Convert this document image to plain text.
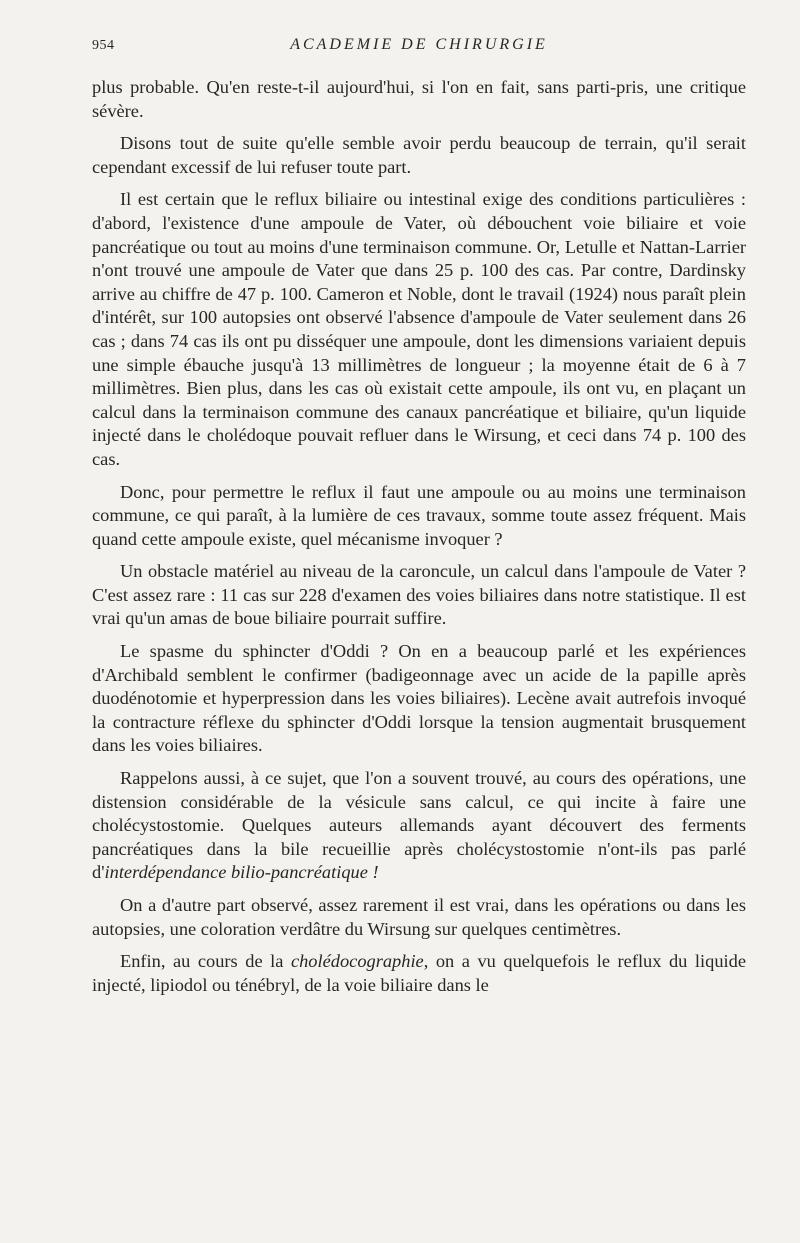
954	ACADEMIE DE CHIRURGIE

plus probable. Qu'en reste-t-il aujourd'hui, si l'on en fait, sans parti-pris, une critique sévère.

Disons tout de suite qu'elle semble avoir perdu beaucoup de terrain, qu'il serait cependant excessif de lui refuser toute part.

Il est certain que le reflux biliaire ou intestinal exige des conditions particulières : d'abord, l'existence d'une ampoule de Vater, où débouchent voie biliaire et voie pancréatique ou tout au moins d'une terminaison commune. Or, Letulle et Nattan-Larrier n'ont trouvé une ampoule de Vater que dans 25 p. 100 des cas. Par contre, Dardinsky arrive au chiffre de 47 p. 100. Cameron et Noble, dont le travail (1924) nous paraît plein d'intérêt, sur 100 autopsies ont observé l'absence d'ampoule de Vater seulement dans 26 cas ; dans 74 cas ils ont pu disséquer une ampoule, dont les dimensions variaient depuis une simple ébauche jusqu'à 13 millimètres de longueur ; la moyenne était de 6 à 7 millimètres. Bien plus, dans les cas où existait cette ampoule, ils ont vu, en plaçant un calcul dans la terminaison commune des canaux pancréatique et biliaire, qu'un liquide injecté dans le cholédoque pouvait refluer dans le Wirsung, et ceci dans 74 p. 100 des cas.

Donc, pour permettre le reflux il faut une ampoule ou au moins une terminaison commune, ce qui paraît, à la lumière de ces travaux, somme toute assez fréquent. Mais quand cette ampoule existe, quel mécanisme invoquer ?

Un obstacle matériel au niveau de la caroncule, un calcul dans l'ampoule de Vater ? C'est assez rare : 11 cas sur 228 d'examen des voies biliaires dans notre statistique. Il est vrai qu'un amas de boue biliaire pourrait suffire.

Le spasme du sphincter d'Oddi ? On en a beaucoup parlé et les expériences d'Archibald semblent le confirmer (badigeonnage avec un acide de la papille après duodénotomie et hyperpression dans les voies biliaires). Lecène avait autrefois invoqué la contracture réflexe du sphincter d'Oddi lorsque la tension augmentait brusquement dans les voies biliaires.

Rappelons aussi, à ce sujet, que l'on a souvent trouvé, au cours des opérations, une distension considérable de la vésicule sans calcul, ce qui incite à faire une cholécystostomie. Quelques auteurs allemands ayant découvert des ferments pancréatiques dans la bile recueillie après cholécystostomie n'ont-ils pas parlé d'interdépendance bilio-pancréatique !

On a d'autre part observé, assez rarement il est vrai, dans les opérations ou dans les autopsies, une coloration verdâtre du Wirsung sur quelques centimètres.

Enfin, au cours de la cholédocographie, on a vu quelquefois le reflux du liquide injecté, lipiodol ou ténébryl, de la voie biliaire dans le
